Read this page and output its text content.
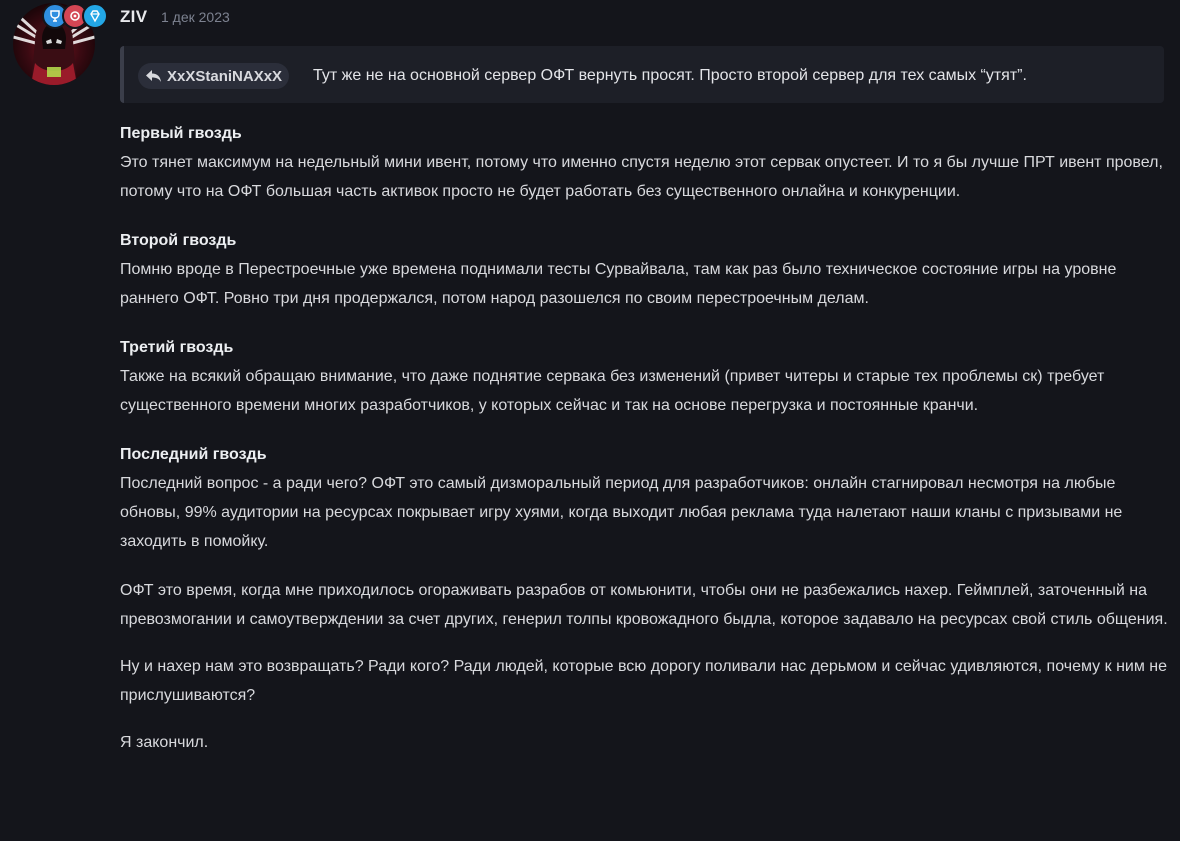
ZIV 1 дек 2023
XxXStaniNAXxX Тут же не на основной сервер ОФТ вернуть просят. Просто второй сервер для тех самых “утят”.
Первый гвоздь

Это тянет максимум на недельный мини ивент, потому что именно спустя неделю этот сервак опустеет. И то я бы лучше ПРТ ивент провел, потому что на ОФТ большая часть активок просто не будет работать без существенного онлайна и конкуренции.

Второй гвоздь

Помню вроде в Перестроечные уже времена поднимали тесты Сурвайвала, там как раз было техническое состояние игры на уровне раннего ОФТ. Ровно три дня продержался, потом народ разошелся по своим перестроечным делам.

Третий гвоздь

Также на всякий обращаю внимание, что даже поднятие сервака без изменений (привет читеры и старые тех проблемы ск) требует существенного времени многих разработчиков, у которых сейчас и так на основе перегрузка и постоянные кранчи.

Последний гвоздь

Последний вопрос - а ради чего? ОФТ это самый дизморальный период для разработчиков: онлайн стагнировал несмотря на любые обновы, 99% аудитории на ресурсах покрывает игру хуями, когда выходит любая реклама туда налетают наши кланы с призывами не заходить в помойку.

ОФТ это время, когда мне приходилось огораживать разрабов от комьюнити, чтобы они не разбежались нахер. Геймплей, заточенный на превозмогании и самоутверждении за счет других, генерил толпы кровожадного быдла, которое задавало на ресурсах свой стиль общения.

Ну и нахер нам это возвращать? Ради кого? Ради людей, которые всю дорогу поливали нас дерьмом и сейчас удивляются, почему к ним не прислушиваются?

Я закончил.
